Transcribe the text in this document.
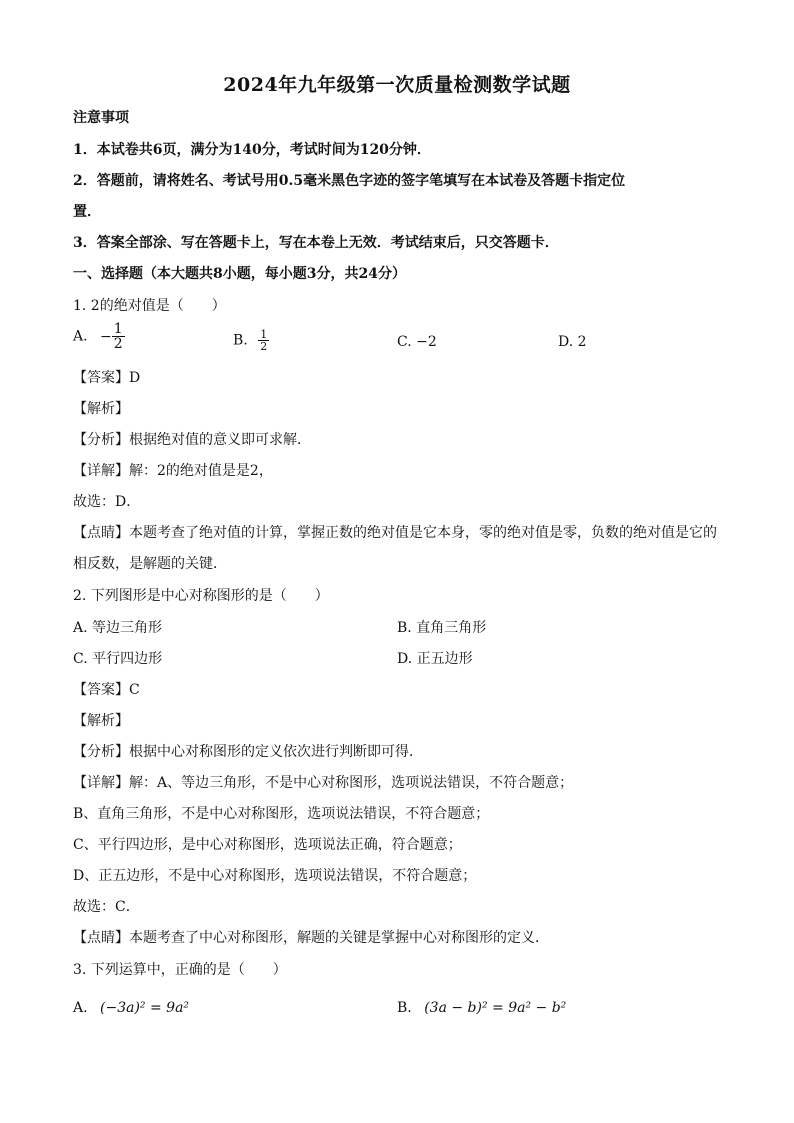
2024年九年级第一次质量检测数学试题
注意事项
1．本试卷共6页，满分为140分，考试时间为120分钟．
2．答题前，请将姓名、考试号用0.5毫米黑色字迹的签字笔填写在本试卷及答题卡指定位
置．
3．答案全部涂、写在答题卡上，写在本卷上无效．考试结束后，只交答题卡．
一、选择题（本大题共8小题，每小题3分，共24分）
1. 2的绝对值是（　　）
A. − $\frac{1}{2}$	B. $\frac{1}{2}$	C. −2	D. 2
【答案】D
【解析】
【分析】根据绝对值的意义即可求解．
【详解】解：2的绝对值是是2，
故选：D．
【点睛】本题考查了绝对值的计算，掌握正数的绝对值是它本身，零的绝对值是零，负数的绝对值是它的
相反数，是解题的关键．
2. 下列图形是中心对称图形的是（　　）
A. 等边三角形	B. 直角三角形
C. 平行四边形	D. 正五边形
【答案】C
【解析】
【分析】根据中心对称图形的定义依次进行判断即可得．
【详解】解：A、等边三角形，不是中心对称图形，选项说法错误，不符合题意；
B、直角三角形，不是中心对称图形，选项说法错误，不符合题意；
C、平行四边形，是中心对称图形，选项说法正确，符合题意；
D、正五边形，不是中心对称图形，选项说法错误，不符合题意；
故选：C．
【点睛】本题考查了中心对称图形，解题的关键是掌握中心对称图形的定义．
3. 下列运算中，正确的是（　　）
A. (−3a)² = 9a²	B. (3a − b)² = 9a² − b²
